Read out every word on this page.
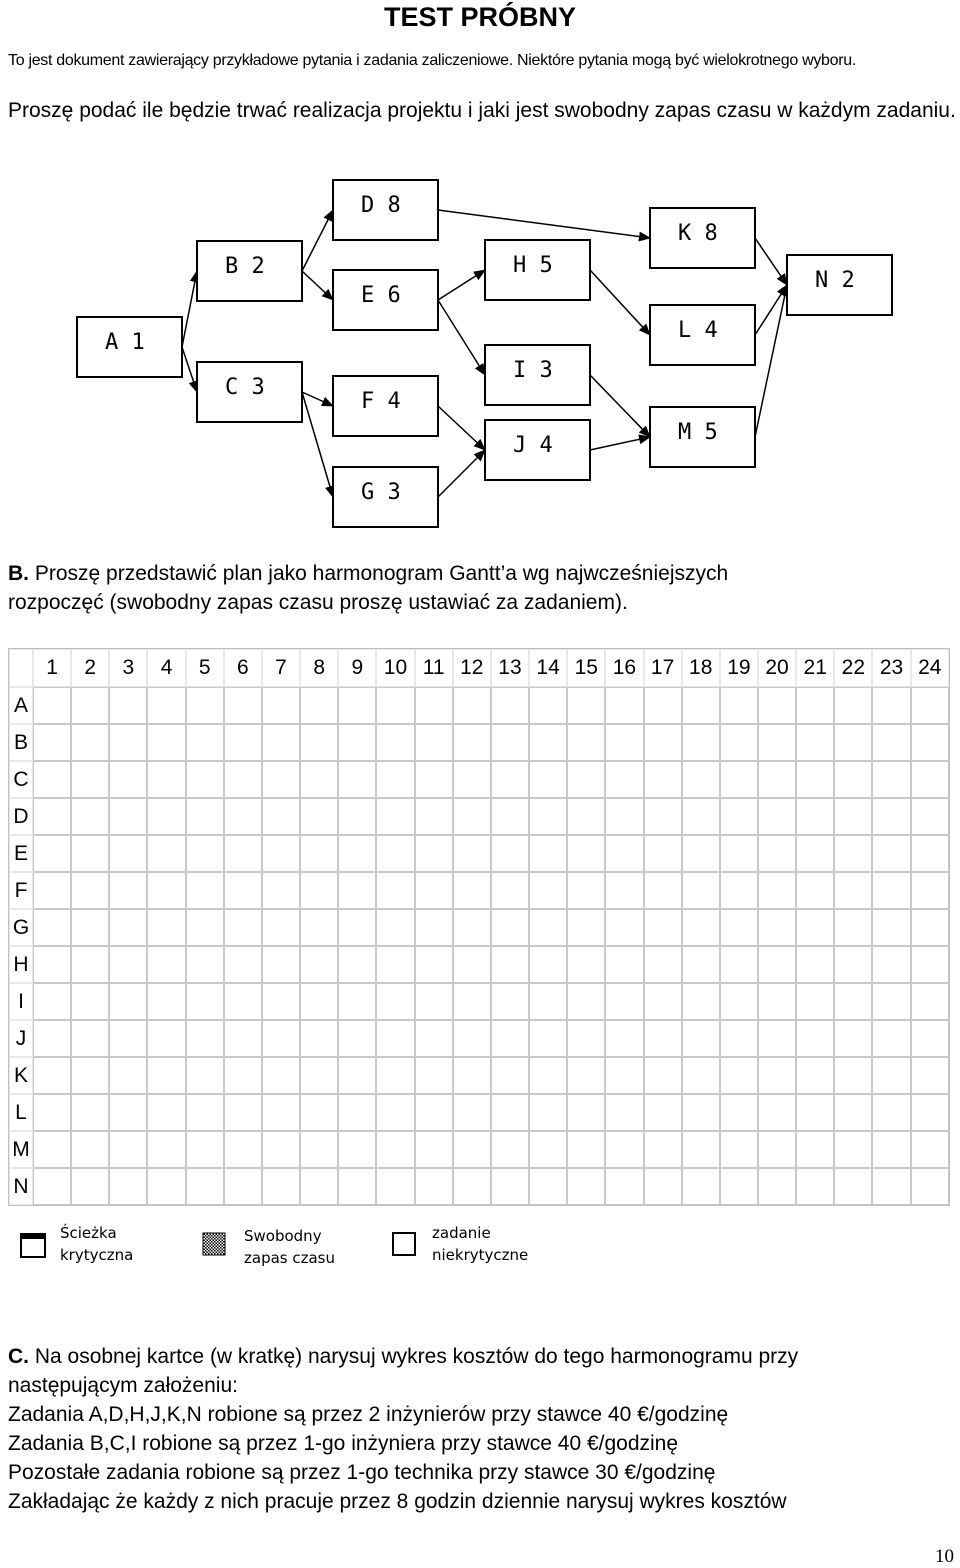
TEST PRÓBNY
To jest dokument zawierający przykładowe pytania i zadania zaliczeniowe. Niektóre pytania mogą być wielokrotnego wyboru.
Proszę podać ile będzie trwać realizacja projektu i jaki jest swobodny zapas czasu w każdym zadaniu.
A 1
B 2
C 3
D 8
E 6
F 4
G 3
H 5
I 3
J 4
K 8
L 4
M 5
N 2
B. Proszę przedstawić plan jako harmonogram Gantt’a wg najwcześniejszych
rozpoczęć (swobodny zapas czasu proszę ustawiać za zadaniem).
	1	2	3	4	5	6	7	8	9	10	11	12	13	14	15	16	17	18	19	20	21	22	23	24
A																								
B																								
C																								
D																								
E																								
F																								
G																								
H																								
I																								
J																								
K																								
L																								
M																								
N																								
Ścieżka
krytyczna
Swobodny
zapas czasu
zadanie
niekrytyczne
C. Na osobnej kartce (w kratkę) narysuj wykres kosztów do tego harmonogramu przy
następującym założeniu:
Zadania A,D,H,J,K,N robione są przez 2 inżynierów przy stawce 40 €/godzinę
Zadania B,C,I robione są przez 1-go inżyniera przy stawce 40 €/godzinę
Pozostałe zadania robione są przez 1-go technika przy stawce 30 €/godzinę
Zakładając że każdy z nich pracuje przez 8 godzin dziennie narysuj wykres kosztów
10
